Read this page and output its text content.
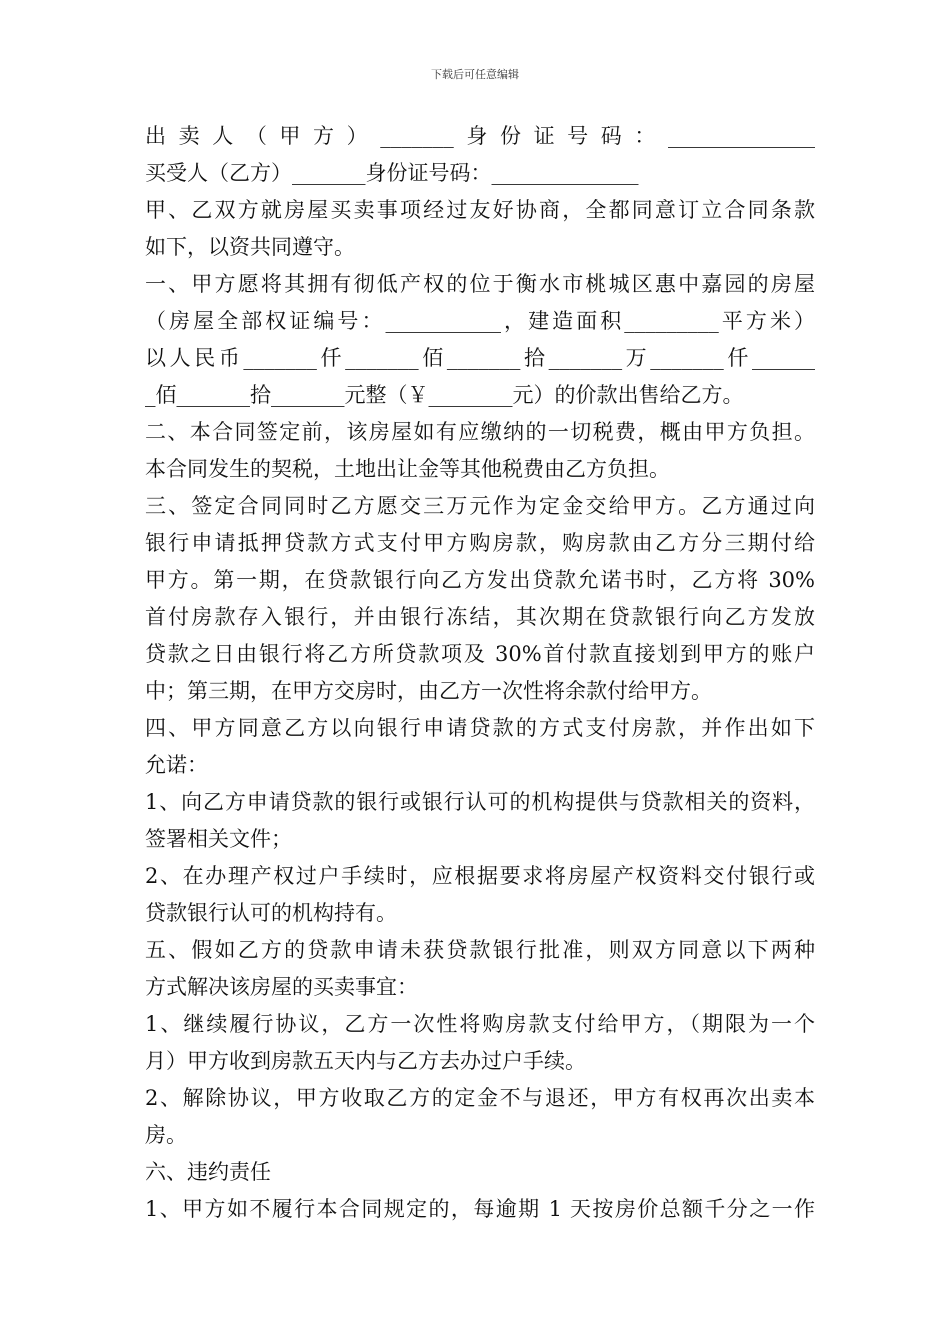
下载后可任意编辑
出卖人（甲方）_______身份证号码：______________
买受人（乙方）_______身份证号码：______________
甲、乙双方就房屋买卖事项经过友好协商，全都同意订立合同条款
如下，以资共同遵守。
一、甲方愿将其拥有彻低产权的位于衡水市桃城区惠中嘉园的房屋
（房屋全部权证编号：___________，建造面积_________平方米）
以人民币_______仟_______佰_______拾_______万_______仟______
_佰_______拾_______元整（￥________元）的价款出售给乙方。
二、本合同签定前，该房屋如有应缴纳的一切税费，概由甲方负担。
本合同发生的契税，土地出让金等其他税费由乙方负担。
三、签定合同同时乙方愿交三万元作为定金交给甲方。乙方通过向
银行申请抵押贷款方式支付甲方购房款，购房款由乙方分三期付给
甲方。第一期，在贷款银行向乙方发出贷款允诺书时，乙方将 30%
首付房款存入银行，并由银行冻结，其次期在贷款银行向乙方发放
贷款之日由银行将乙方所贷款项及 30%首付款直接划到甲方的账户
中；第三期，在甲方交房时，由乙方一次性将余款付给甲方。
四、甲方同意乙方以向银行申请贷款的方式支付房款，并作出如下
允诺：
1、向乙方申请贷款的银行或银行认可的机构提供与贷款相关的资料，
签署相关文件；
2、在办理产权过户手续时，应根据要求将房屋产权资料交付银行或
贷款银行认可的机构持有。
五、假如乙方的贷款申请未获贷款银行批准，则双方同意以下两种
方式解决该房屋的买卖事宜：
1、继续履行协议，乙方一次性将购房款支付给甲方，（期限为一个
月）甲方收到房款五天内与乙方去办过户手续。
2、解除协议，甲方收取乙方的定金不与退还，甲方有权再次出卖本
房。
六、违约责任
1、甲方如不履行本合同规定的，每逾期 1 天按房价总额千分之一作
